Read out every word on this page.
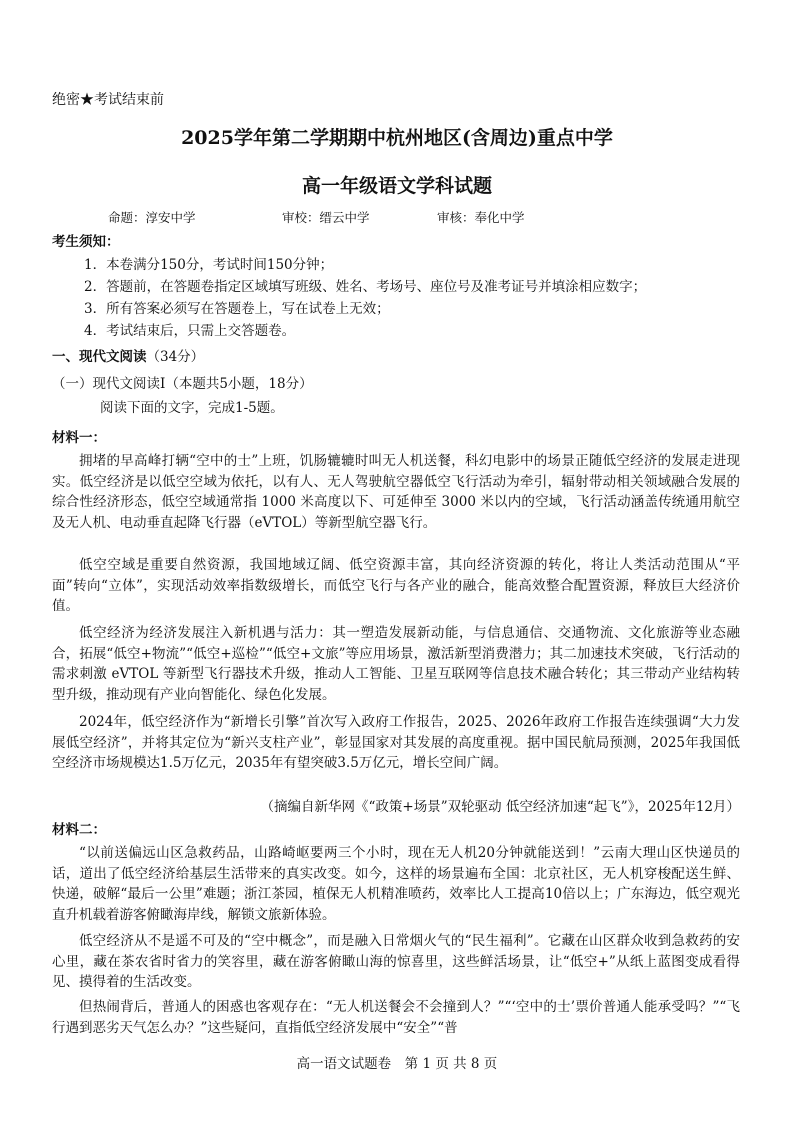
绝密★考试结束前
2025学年第二学期期中杭州地区(含周边)重点中学
高一年级语文学科试题
命题：淳安中学	审校：缙云中学	审核：奉化中学
考生须知：
1．本卷满分150分，考试时间150分钟；
2．答题前，在答题卷指定区域填写班级、姓名、考场号、座位号及准考证号并填涂相应数字；
3．所有答案必须写在答题卷上，写在试卷上无效；
4．考试结束后，只需上交答题卷。
一、现代文阅读（34分）
（一）现代文阅读Ⅰ（本题共5小题，18分）
阅读下面的文字，完成1-5题。
材料一：
拥堵的早高峰打辆“空中的士”上班，饥肠辘辘时叫无人机送餐，科幻电影中的场景正随低空经济的发展走进现实。低空经济是以低空空域为依托，以有人、无人驾驶航空器低空飞行活动为牵引，辐射带动相关领域融合发展的综合性经济形态，低空空域通常指 1000 米高度以下、可延伸至 3000 米以内的空域，飞行活动涵盖传统通用航空及无人机、电动垂直起降飞行器（eVTOL）等新型航空器飞行。
低空空域是重要自然资源，我国地域辽阔、低空资源丰富，其向经济资源的转化，将让人类活动范围从“平面”转向“立体”，实现活动效率指数级增长，而低空飞行与各产业的融合，能高效整合配置资源，释放巨大经济价值。
低空经济为经济发展注入新机遇与活力：其一塑造发展新动能，与信息通信、交通物流、文化旅游等业态融合，拓展“低空+物流”“低空+巡检”“低空+文旅”等应用场景，激活新型消费潜力；其二加速技术突破，飞行活动的需求刺激 eVTOL 等新型飞行器技术升级，推动人工智能、卫星互联网等信息技术融合转化；其三带动产业结构转型升级，推动现有产业向智能化、绿色化发展。
2024年，低空经济作为“新增长引擎”首次写入政府工作报告，2025、2026年政府工作报告连续强调“大力发展低空经济”，并将其定位为“新兴支柱产业”，彰显国家对其发展的高度重视。据中国民航局预测，2025年我国低空经济市场规模达1.5万亿元，2035年有望突破3.5万亿元，增长空间广阔。
（摘编自新华网《“政策+场景”双轮驱动 低空经济加速“起飞”》，2025年12月）
材料二：
“以前送偏远山区急救药品，山路崎岖要两三个小时，现在无人机20分钟就能送到！”云南大理山区快递员的话，道出了低空经济给基层生活带来的真实改变。如今，这样的场景遍布全国：北京社区，无人机穿梭配送生鲜、快递，破解“最后一公里”难题；浙江茶园，植保无人机精准喷药，效率比人工提高10倍以上；广东海边，低空观光直升机载着游客俯瞰海岸线，解锁文旅新体验。
低空经济从不是遥不可及的“空中概念”，而是融入日常烟火气的“民生福利”。它藏在山区群众收到急救药的安心里，藏在茶农省时省力的笑容里，藏在游客俯瞰山海的惊喜里，这些鲜活场景，让“低空+”从纸上蓝图变成看得见、摸得着的生活改变。
但热闹背后，普通人的困惑也客观存在：“无人机送餐会不会撞到人？”“‘空中的士’票价普通人能承受吗？”“飞行遇到恶劣天气怎么办？”这些疑问，直指低空经济发展中“安全”“普
高一语文试题卷　第 1 页 共 8 页
